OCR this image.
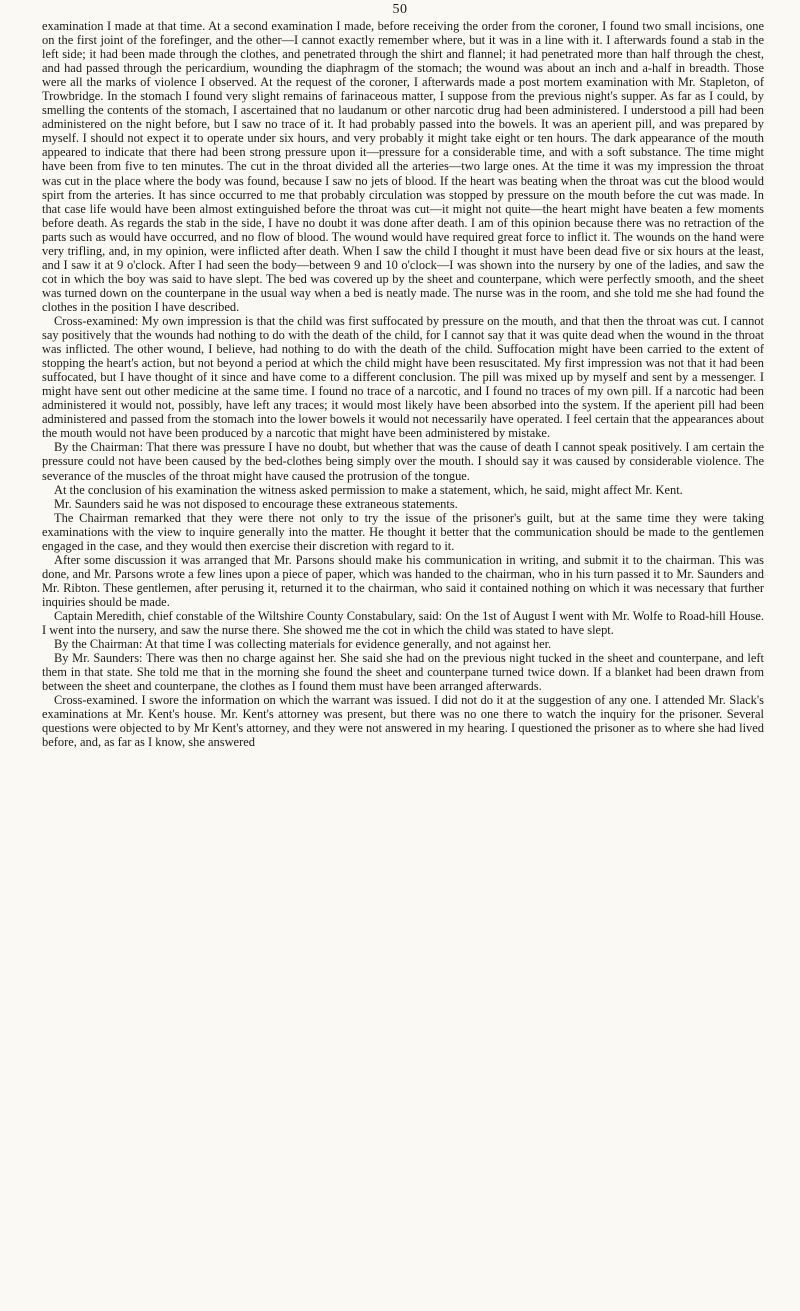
50

examination I made at that time. At a second examination I made, before receiving the order from the coroner, I found two small incisions, one on the first joint of the forefinger, and the other—I cannot exactly remember where, but it was in a line with it. I afterwards found a stab in the left side; it had been made through the clothes, and penetrated through the shirt and flannel; it had penetrated more than half through the chest, and had passed through the pericardium, wounding the diaphragm of the stomach; the wound was about an inch and a-half in breadth. Those were all the marks of violence I observed. At the request of the coroner, I afterwards made a post mortem examination with Mr. Stapleton, of Trowbridge. In the stomach I found very slight remains of farinaceous matter, I suppose from the previous night's supper. As far as I could, by smelling the contents of the stomach, I ascertained that no laudanum or other narcotic drug had been administered. I understood a pill had been administered on the night before, but I saw no trace of it. It had probably passed into the bowels. It was an aperient pill, and was prepared by myself. I should not expect it to operate under six hours, and very probably it might take eight or ten hours. The dark appearance of the mouth appeared to indicate that there had been strong pressure upon it—pressure for a considerable time, and with a soft substance. The time might have been from five to ten minutes. The cut in the throat divided all the arteries—two large ones. At the time it was my impression the throat was cut in the place where the body was found, because I saw no jets of blood. If the heart was beating when the throat was cut the blood would spirt from the arteries. It has since occurred to me that probably circulation was stopped by pressure on the mouth before the cut was made. In that case life would have been almost extinguished before the throat was cut—it might not quite—the heart might have beaten a few moments before death. As regards the stab in the side, I have no doubt it was done after death. I am of this opinion because there was no retraction of the parts such as would have occurred, and no flow of blood. The wound would have required great force to inflict it. The wounds on the hand were very trifling, and, in my opinion, were inflicted after death. When I saw the child I thought it must have been dead five or six hours at the least, and I saw it at 9 o'clock. After I had seen the body—between 9 and 10 o'clock—I was shown into the nursery by one of the ladies, and saw the cot in which the boy was said to have slept. The bed was covered up by the sheet and counterpane, which were perfectly smooth, and the sheet was turned down on the counterpane in the usual way when a bed is neatly made. The nurse was in the room, and she told me she had found the clothes in the position I have described.

Cross-examined: My own impression is that the child was first suffocated by pressure on the mouth, and that then the throat was cut. I cannot say positively that the wounds had nothing to do with the death of the child, for I cannot say that it was quite dead when the wound in the throat was inflicted. The other wound, I believe, had nothing to do with the death of the child. Suffocation might have been carried to the extent of stopping the heart's action, but not beyond a period at which the child might have been resuscitated. My first impression was not that it had been suffocated, but I have thought of it since and have come to a different conclusion. The pill was mixed up by myself and sent by a messenger. I might have sent out other medicine at the same time. I found no trace of a narcotic, and I found no traces of my own pill. If a narcotic had been administered it would not, possibly, have left any traces; it would most likely have been absorbed into the system. If the aperient pill had been administered and passed from the stomach into the lower bowels it would not necessarily have operated. I feel certain that the appearances about the mouth would not have been produced by a narcotic that might have been administered by mistake.

By the Chairman: That there was pressure I have no doubt, but whether that was the cause of death I cannot speak positively. I am certain the pressure could not have been caused by the bed-clothes being simply over the mouth. I should say it was caused by considerable violence. The severance of the muscles of the throat might have caused the protrusion of the tongue.

At the conclusion of his examination the witness asked permission to make a statement, which, he said, might affect Mr. Kent.

Mr. Saunders said he was not disposed to encourage these extraneous statements.

The Chairman remarked that they were there not only to try the issue of the prisoner's guilt, but at the same time they were taking examinations with the view to inquire generally into the matter. He thought it better that the communication should be made to the gentlemen engaged in the case, and they would then exercise their discretion with regard to it.

After some discussion it was arranged that Mr. Parsons should make his communication in writing, and submit it to the chairman. This was done, and Mr. Parsons wrote a few lines upon a piece of paper, which was handed to the chairman, who in his turn passed it to Mr. Saunders and Mr. Ribton. These gentlemen, after perusing it, returned it to the chairman, who said it contained nothing on which it was necessary that further inquiries should be made.

Captain Meredith, chief constable of the Wiltshire County Constabulary, said: On the 1st of August I went with Mr. Wolfe to Road-hill House. I went into the nursery, and saw the nurse there. She showed me the cot in which the child was stated to have slept.

By the Chairman: At that time I was collecting materials for evidence generally, and not against her.

By Mr. Saunders: There was then no charge against her. She said she had on the previous night tucked in the sheet and counterpane, and left them in that state. She told me that in the morning she found the sheet and counterpane turned twice down. If a blanket had been drawn from between the sheet and counterpane, the clothes as I found them must have been arranged afterwards.

Cross-examined. I swore the information on which the warrant was issued. I did not do it at the suggestion of any one. I attended Mr. Slack's examinations at Mr. Kent's house. Mr. Kent's attorney was present, but there was no one there to watch the inquiry for the prisoner. Several questions were objected to by Mr Kent's attorney, and they were not answered in my hearing. I questioned the prisoner as to where she had lived before, and, as far as I know, she answered
